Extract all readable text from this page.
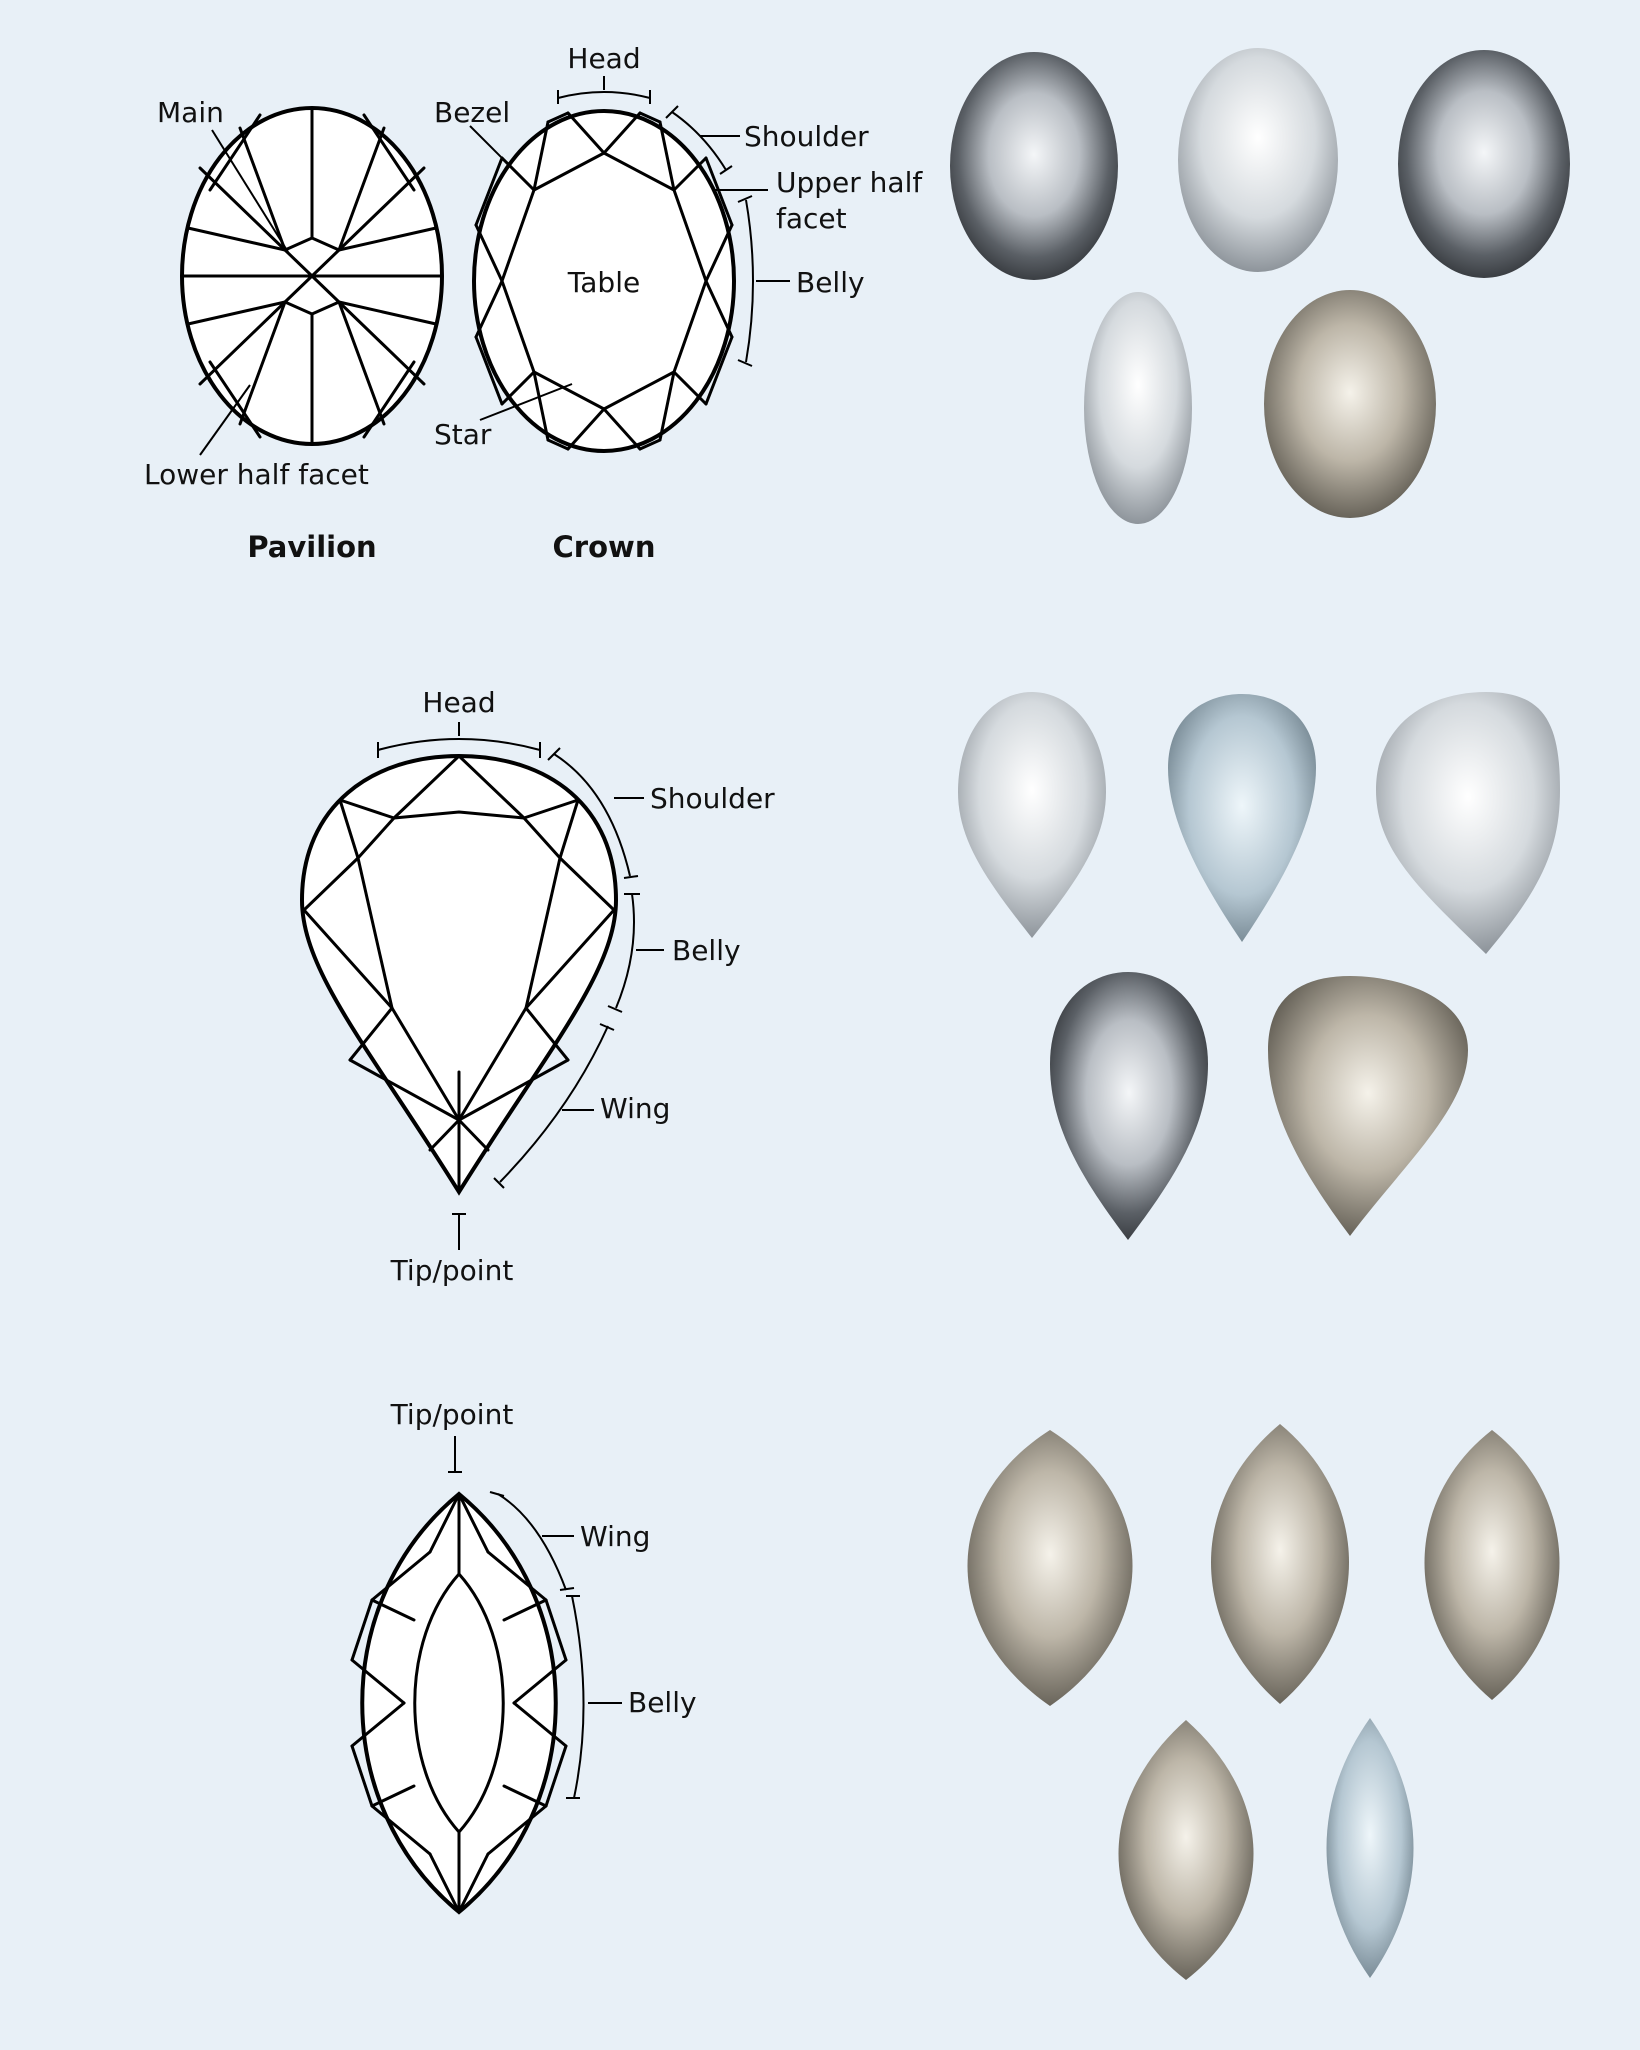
Main
Lower half facet
Pavilion
Head
Shoulder
Upper half
facet
Belly
Bezel
Table
Star
Crown
Head
Shoulder
Belly
Wing
Tip/point
Tip/point
Wing
Belly
